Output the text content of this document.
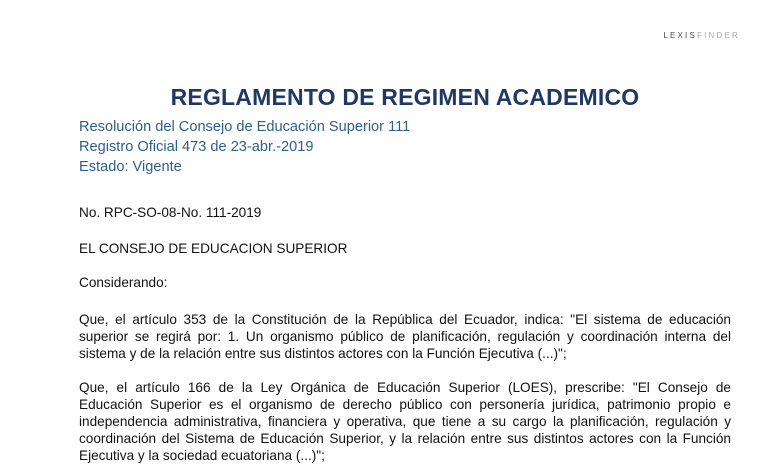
LEXISFINDER
REGLAMENTO DE REGIMEN ACADEMICO
Resolución del Consejo de Educación Superior 111
Registro Oficial 473 de 23-abr.-2019
Estado: Vigente
No. RPC-SO-08-No. 111-2019
EL CONSEJO DE EDUCACION SUPERIOR
Considerando:
Que, el artículo 353 de la Constitución de la República del Ecuador, indica: "El sistema de educación superior se regirá por: 1. Un organismo público de planificación, regulación y coordinación interna del sistema y de la relación entre sus distintos actores con la Función Ejecutiva (...)";
Que, el artículo 166 de la Ley Orgánica de Educación Superior (LOES), prescribe: "El Consejo de Educación Superior es el organismo de derecho público con personería jurídica, patrimonio propio e independencia administrativa, financiera y operativa, que tiene a su cargo la planificación, regulación y coordinación del Sistema de Educación Superior, y la relación entre sus distintos actores con la Función Ejecutiva y la sociedad ecuatoriana (...)";
